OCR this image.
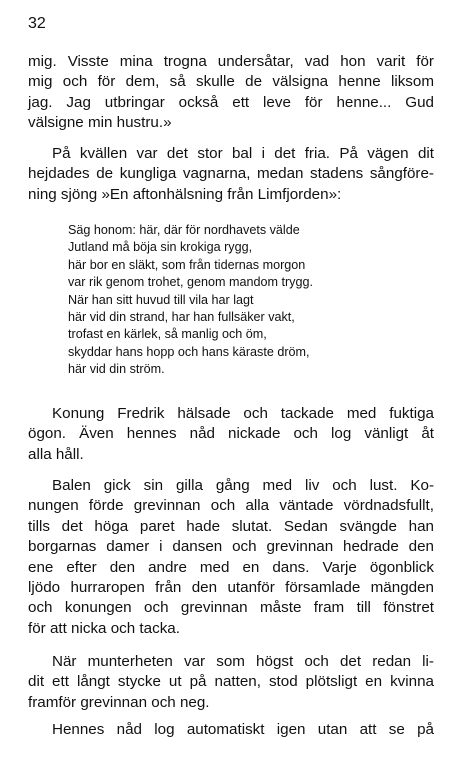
32
mig. Visste mina trogna undersåtar, vad hon varit för
mig och för dem, så skulle de välsigna henne liksom
jag. Jag utbringar också ett leve för henne... Gud
välsigne min hustru.»
På kvällen var det stor bal i det fria. På vägen dit
hejdades de kungliga vagnarna, medan stadens sångföre-
ning sjöng »En aftonhälsning från Limfjorden»:
Säg honom: här, där för nordhavets välde
Jutland må böja sin krokiga rygg,
här bor en släkt, som från tidernas morgon
var rik genom trohet, genom mandom trygg.
När han sitt huvud till vila har lagt
här vid din strand, har han fullsäker vakt,
trofast en kärlek, så manlig och öm,
skyddar hans hopp och hans käraste dröm,
här vid din ström.
Konung Fredrik hälsade och tackade med fuktiga
ögon. Även hennes nåd nickade och log vänligt åt
alla håll.
Balen gick sin gilla gång med liv och lust. Ko-
nungen förde grevinnan och alla väntade vördnadsfullt,
tills det höga paret hade slutat. Sedan svängde han
borgarnas damer i dansen och grevinnan hedrade den
ene efter den andre med en dans. Varje ögonblick
ljödo hurraropen från den utanför församlade mängden
och konungen och grevinnan måste fram till fönstret
för att nicka och tacka.
När munterheten var som högst och det redan li-
dit ett långt stycke ut på natten, stod plötsligt en kvinna
framför grevinnan och neg.
Hennes nåd log automatiskt igen utan att se på
